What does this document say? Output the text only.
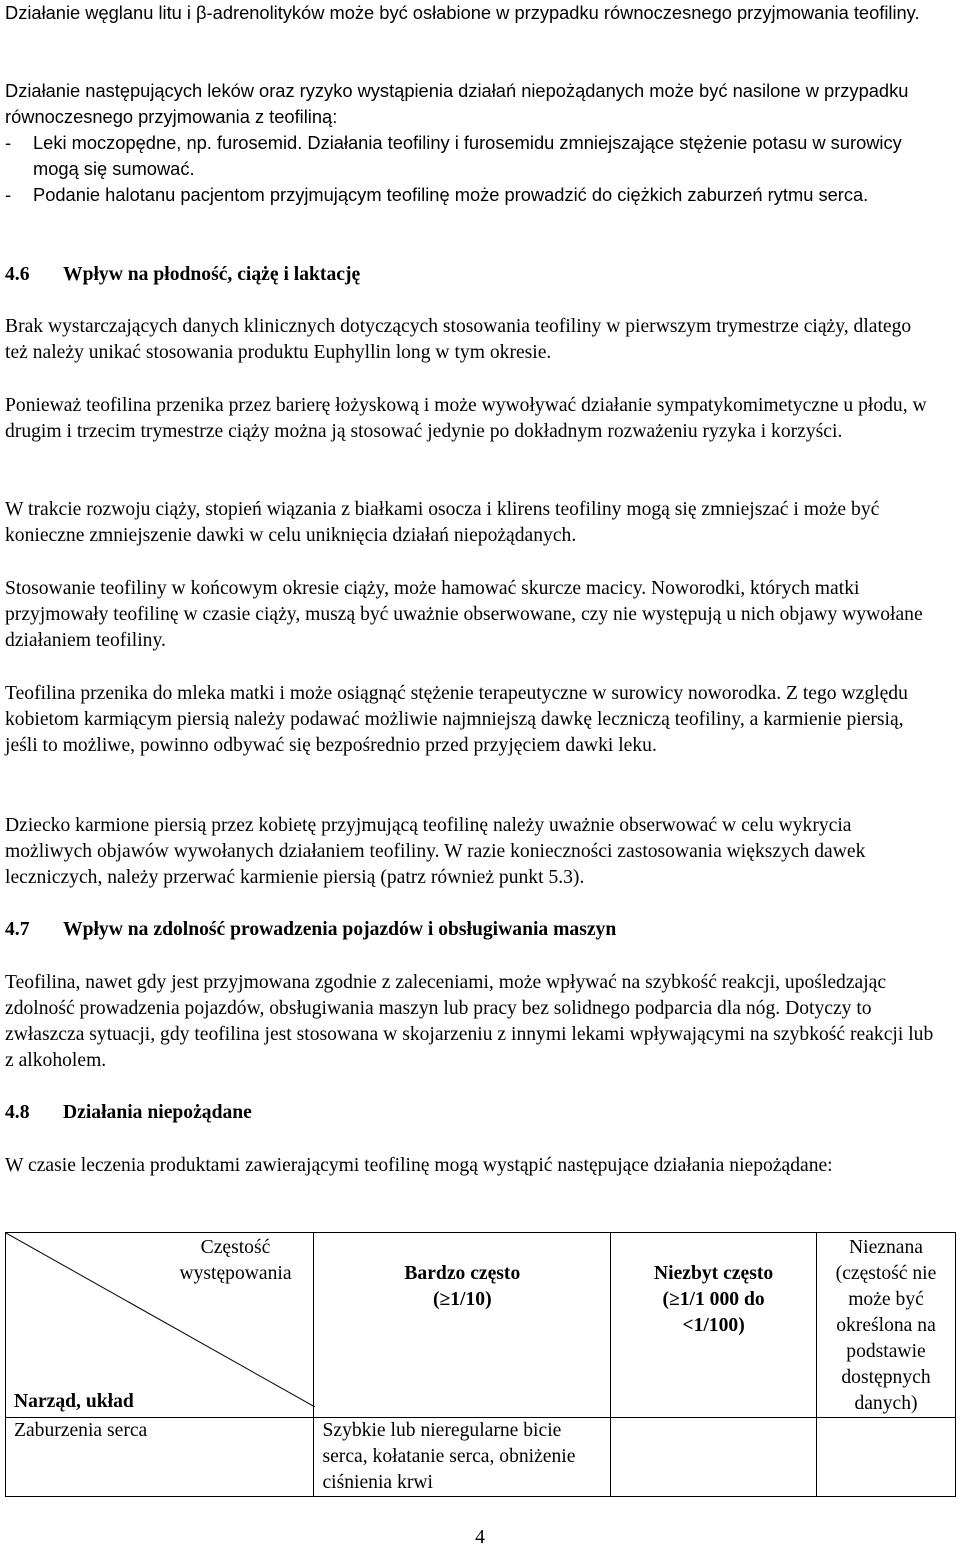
Działanie węglanu litu i β-adrenolityków może być osłabione w przypadku równoczesnego przyjmowania teofiliny.

Działanie następujących leków oraz ryzyko wystąpienia działań niepożądanych może być nasilone w przypadku równoczesnego przyjmowania z teofiliną:

-	Leki moczopędne, np. furosemid. Działania teofiliny i furosemidu zmniejszające stężenie potasu w surowicy mogą się sumować.
-	Podanie halotanu pacjentom przyjmującym teofilinę może prowadzić do ciężkich zaburzeń rytmu serca.
4.6 Wpływ na płodność, ciążę i laktację

Brak wystarczających danych klinicznych dotyczących stosowania teofiliny w pierwszym trymestrze ciąży, dlatego też należy unikać stosowania produktu Euphyllin long w tym okresie.

Ponieważ teofilina przenika przez barierę łożyskową i może wywoływać działanie sympatykomimetyczne u płodu, w drugim i trzecim trymestrze ciąży można ją stosować jedynie po dokładnym rozważeniu ryzyka i korzyści.

W trakcie rozwoju ciąży, stopień wiązania z białkami osocza i klirens teofiliny mogą się zmniejszać i może być konieczne zmniejszenie dawki w celu uniknięcia działań niepożądanych.

Stosowanie teofiliny w końcowym okresie ciąży, może hamować skurcze macicy. Noworodki, których matki przyjmowały teofilinę w czasie ciąży, muszą być uważnie obserwowane, czy nie występują u nich objawy wywołane działaniem teofiliny.

Teofilina przenika do mleka matki i może osiągnąć stężenie terapeutyczne w surowicy noworodka. Z tego względu kobietom karmiącym piersią należy podawać możliwie najmniejszą dawkę leczniczą teofiliny, a karmienie piersią, jeśli to możliwe, powinno odbywać się bezpośrednio przed przyjęciem dawki leku.

Dziecko karmione piersią przez kobietę przyjmującą teofilinę należy uważnie obserwować w celu wykrycia możliwych objawów wywołanych działaniem teofiliny. W razie konieczności zastosowania większych dawek leczniczych, należy przerwać karmienie piersią (patrz również punkt 5.3).

4.7 Wpływ na zdolność prowadzenia pojazdów i obsługiwania maszyn

Teofilina, nawet gdy jest przyjmowana zgodnie z zaleceniami, może wpływać na szybkość reakcji, upośledzając zdolność prowadzenia pojazdów, obsługiwania maszyn lub pracy bez solidnego podparcia dla nóg. Dotyczy to zwłaszcza sytuacji, gdy teofilina jest stosowana w skojarzeniu z innymi lekami wpływającymi na szybkość reakcji lub z alkoholem.

4.8 Działania niepożądane

W czasie leczenia produktami zawierającymi teofilinę mogą wystąpić następujące działania niepożądane:

Częstość występowania
Narząd, układ	Bardzo często (≥1/10)	Niezbyt często (≥1/1 000 do <1/100)	Nieznana (częstość nie może być określona na podstawie dostępnych danych)

Zaburzenia serca	Szybkie lub nieregularne bicie serca, kołatanie serca, obniżenie ciśnienia krwi		
4
